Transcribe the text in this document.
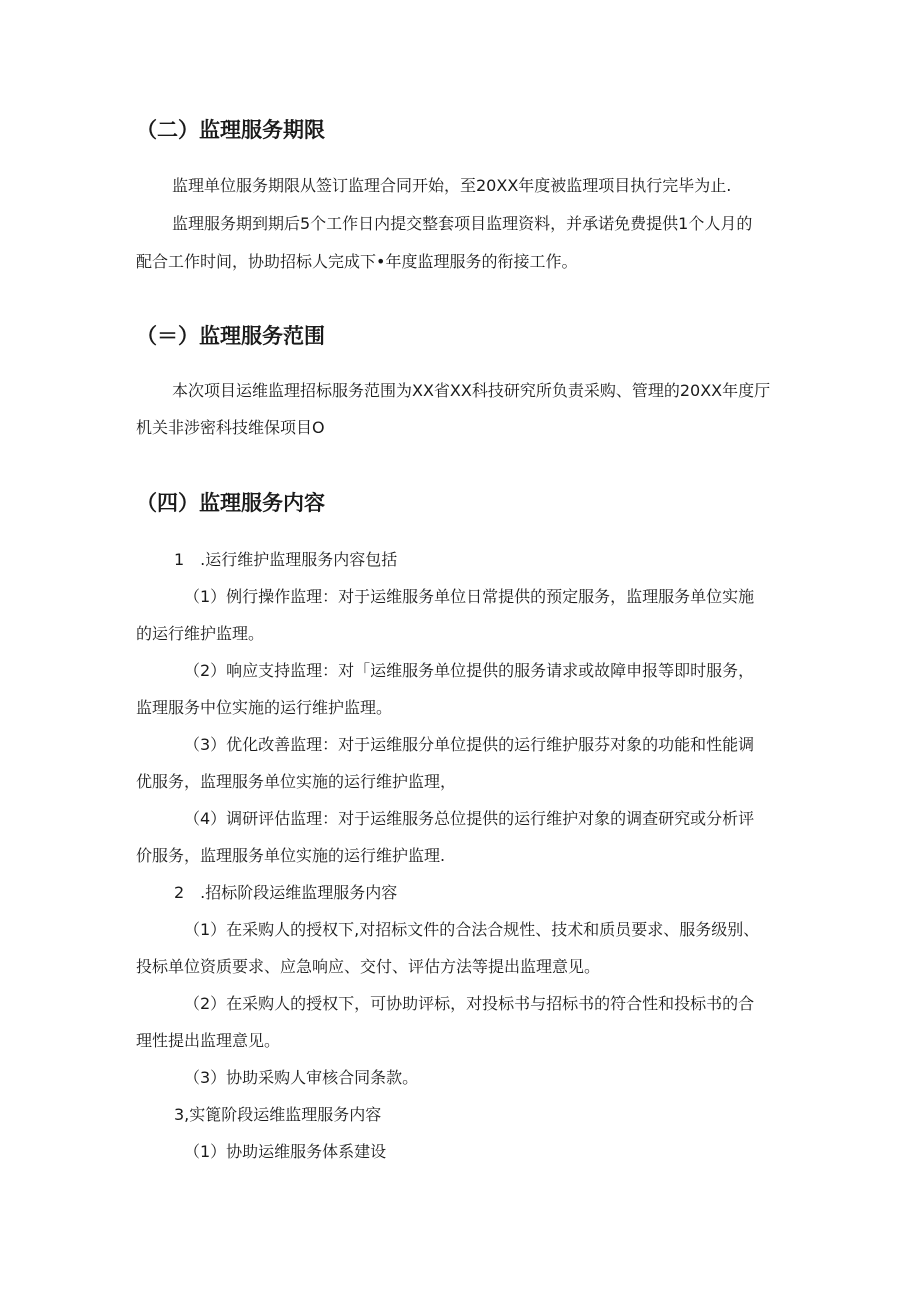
（二）监理服务期限
监理单位服务期限从签订监理合同开始，至20XX年度被监理项目执行完毕为止.
监理服务期到期后5个工作日内提交整套项目监理资料，并承诺免费提供1个人月的
配合工作时间，协助招标人完成下•年度监理服务的衔接工作。
（＝）监理服务范围
本次项目运维监理招标服务范围为XX省XX科技研究所负责采购、管理的20XX年度厅
机关非涉密科技维保项目O
（四）监理服务内容
1　.运行维护监理服务内容包括
（1）例行操作监理：对于运维服务单位日常提供的预定服务，监理服务单位实施
的运行维护监理。
（2）响应支持监理：对「运维服务单位提供的服务请求或故障申报等即时服务，
监理服务中位实施的运行维护监理。
（3）优化改善监理：对于运维服分单位提供的运行维护服芬对象的功能和性能调
优服务，监理服务单位实施的运行维护监理，
（4）调研评估监理：对于运维服务总位提供的运行维护对象的调查研究或分析评
价服务，监理服务单位实施的运行维护监理.
2　.招标阶段运维监理服务内容
（1）在采购人的授权下,对招标文件的合法合规性、技术和质员要求、服务级别、
投标单位资质要求、应急响应、交付、评估方法等提出监理意见。
（2）在采购人的授权下，可协助评标，对投标书与招标书的符合性和投标书的合
理性提出监理意见。
（3）协助采购人审核合同条款。
3,实篦阶段运维监理服务内容
（1）协助运维服务体系建设
